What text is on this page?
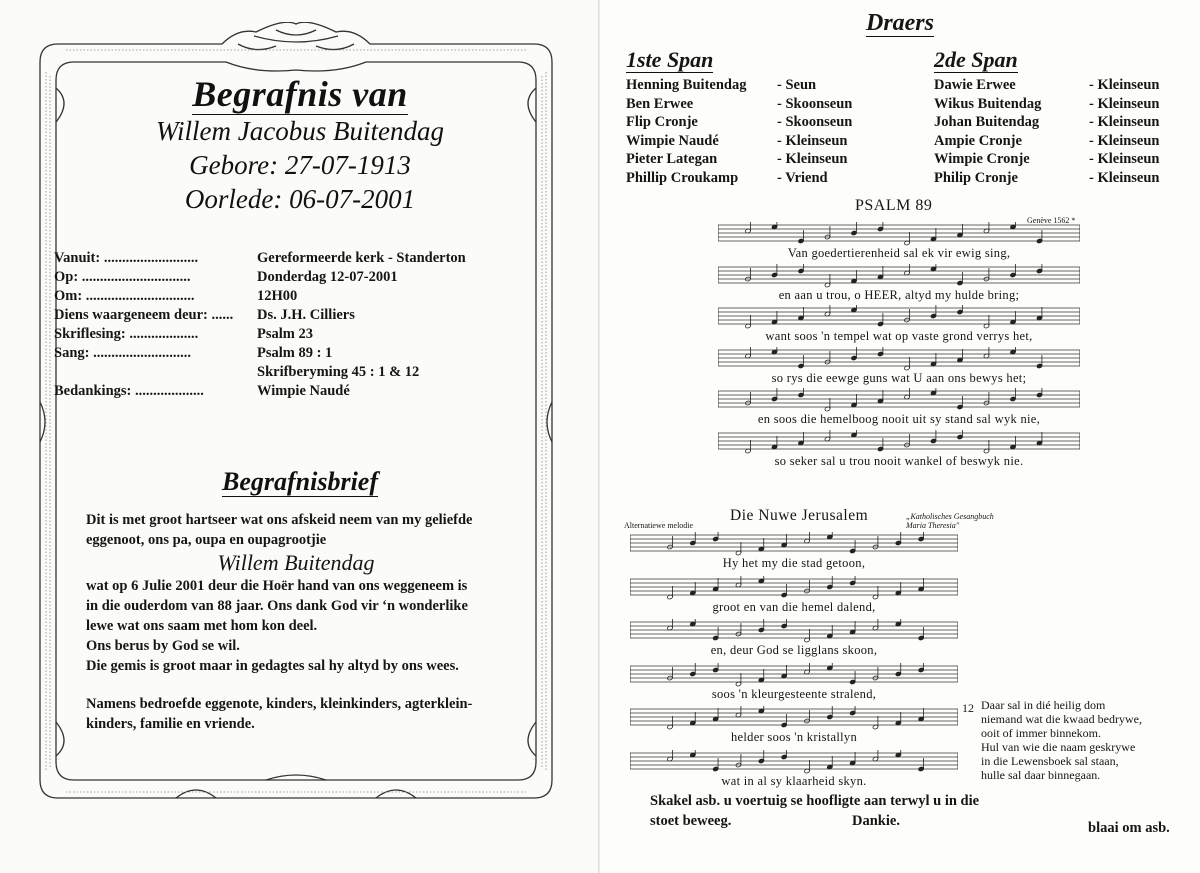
Begrafnis van
Willem Jacobus Buitendag
Gebore: 27-07-1913
Oorlede: 06-07-2001
Vanuit: ..........................	Gereformeerde kerk - Standerton
Op: ..............................	Donderdag 12-07-2001
Om: ..............................	12H00
Diens waargeneem deur: ...... Ds. J.H. Cilliers
Skriflesing: ...................	Psalm 23
Sang: ...........................	Psalm 89 : 1
Skrifberyming 45 : 1 & 12
Bedankings: ...................	Wimpie Naudé
Begrafnisbrief

Dit is met groot hartseer wat ons afskeid neem van my geliefde

eggenoot, ons pa, oupa en oupagrootjie

Willem Buitendag

wat op 6 Julie 2001 deur die Hoër hand van ons weggeneem is

in die ouderdom van 88 jaar. Ons dank God vir ‘n wonderlike

lewe wat ons saam met hom kon deel.

Ons berus by God se wil.

Die gemis is groot maar in gedagtes sal hy altyd by ons wees.

Namens bedroefde eggenote, kinders, kleinkinders, agterklein-

kinders, familie en vriende.

Draers
1ste Span	2de Span
Henning Buitendag - Seun
Ben Erwee	- Skoonseun
Flip Cronje	- Skoonseun
Wimpie Naudé	- Kleinseun
Pieter Lategan	- Kleinseun
Phillip Croukamp	- Vriend
Dawie Erwee	- Kleinseun
Wikus Buitendag	- Kleinseun
Johan Buitendag	- Kleinseun
Ampie Cronje	- Kleinseun
Wimpie Cronje	- Kleinseun
Philip Cronje	- Kleinseun
PSALM 89
Genève 1562 *
Van goedertierenheid sal ek vir ewig sing,
en aan u trou, o HEER, altyd my hulde bring;
want soos 'n tempel wat op vaste grond verrys het,
so rys die eewge guns wat U aan ons bewys het;
en soos die hemelboog nooit uit sy stand sal wyk nie,
so seker sal u trou nooit wankel of beswyk nie.
Die Nuwe Jerusalem
Alternatiewe melodie
„Katholisches Gesangbuch
Maria Theresia"
Hy het my die stad getoon,
groot en van die hemel dalend,
en, deur God se ligglans skoon,
soos 'n kleurgesteente stralend,
helder soos 'n kristallyn
wat in al sy klaarheid skyn.
12 Daar sal in dié heilig dom
niemand wat die kwaad bedrywe,
ooit of immer binnekom.
Hul van wie die naam geskrywe
in die Lewensboek sal staan,
hulle sal daar binnegaan.
Skakel asb. u voertuig se hoofligte aan terwyl u in die
stoet beweeg.	Dankie.	blaai om asb.
